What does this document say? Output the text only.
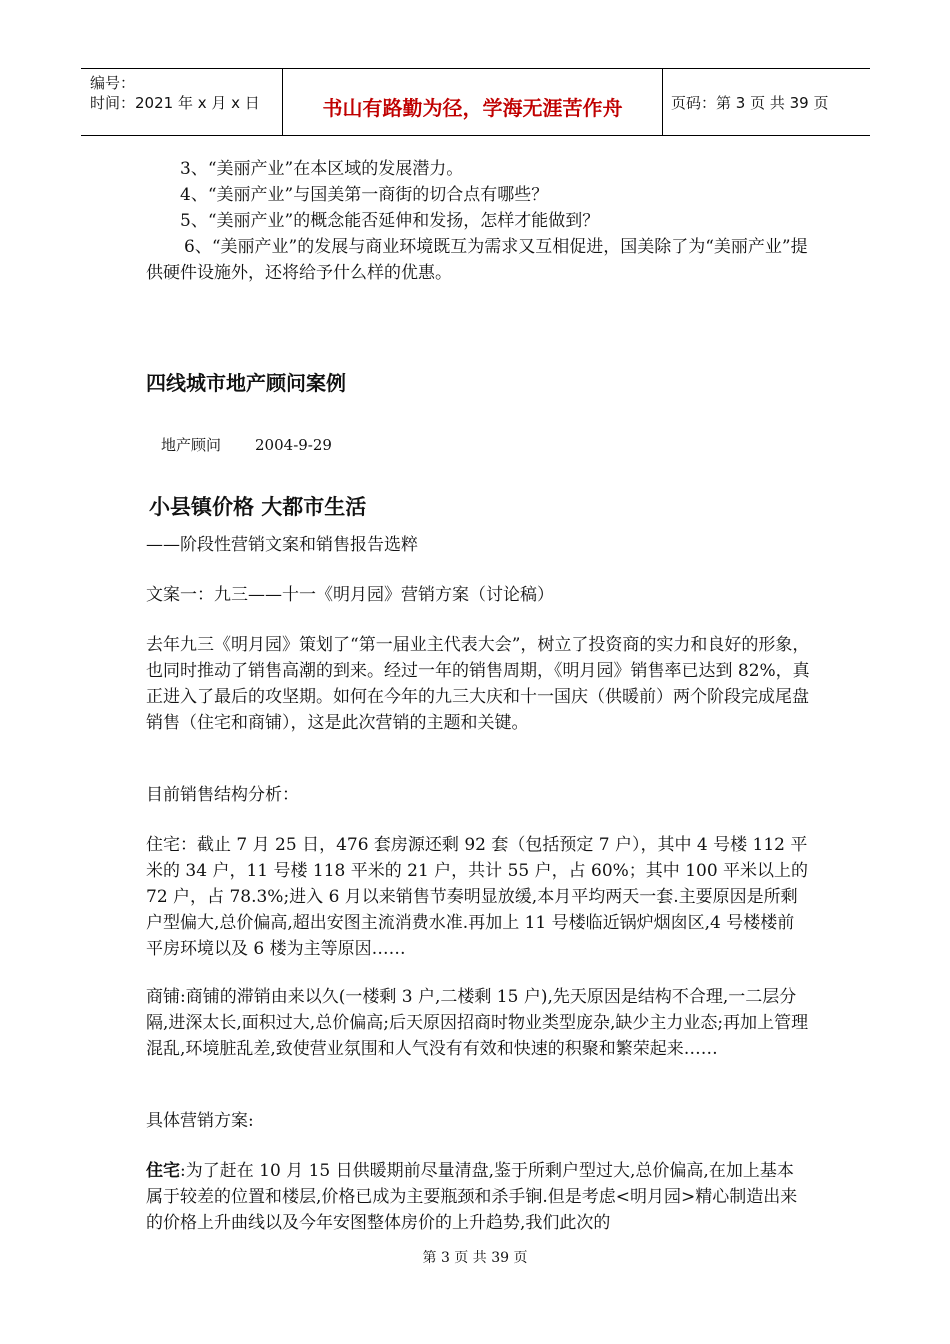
编号：
时间：2021 年 x 月 x 日	书山有路勤为径，学海无涯苦作舟	页码：第 3 页 共 39 页

3、“美丽产业”在本区域的发展潜力。

4、“美丽产业”与国美第一商街的切合点有哪些？

5、“美丽产业”的概念能否延伸和发扬，怎样才能做到？

6、“美丽产业”的发展与商业环境既互为需求又互相促进，国美除了为“美丽产业”提供硬件设施外，还将给予什么样的优惠。

四线城市地产顾问案例

地产顾问 2004-9-29

小县镇价格 大都市生活

——阶段性营销文案和销售报告选粹

文案一：九三——十一《明月园》营销方案（讨论稿）

去年九三《明月园》策划了“第一届业主代表大会”，树立了投资商的实力和良好的形象，也同时推动了销售高潮的到来。经过一年的销售周期，《明月园》销售率已达到 82%，真正进入了最后的攻坚期。如何在今年的九三大庆和十一国庆（供暖前）两个阶段完成尾盘销售（住宅和商铺），这是此次营销的主题和关键。

目前销售结构分析：

住宅：截止 7 月 25 日，476 套房源还剩 92 套（包括预定 7 户），其中 4 号楼 112 平米的 34 户，11 号楼 118 平米的 21 户，共计 55 户，占 60%；其中 100 平米以上的 72 户，占 78.3%;进入 6 月以来销售节奏明显放缓,本月平均两天一套.主要原因是所剩户型偏大,总价偏高,超出安图主流消费水准.再加上 11 号楼临近锅炉烟囱区,4 号楼楼前平房环境以及 6 楼为主等原因……

商铺:商铺的滞销由来以久(一楼剩 3 户,二楼剩 15 户),先天原因是结构不合理,一二层分隔,进深太长,面积过大,总价偏高;后天原因招商时物业类型庞杂,缺少主力业态;再加上管理混乱,环境脏乱差,致使营业氛围和人气没有有效和快速的积聚和繁荣起来……

具体营销方案:

住宅:为了赶在 10 月 15 日供暖期前尽量清盘,鉴于所剩户型过大,总价偏高,在加上基本属于较差的位置和楼层,价格已成为主要瓶颈和杀手锏.但是考虑<明月园>精心制造出来的价格上升曲线以及今年安图整体房价的上升趋势,我们此次的

第 3 页 共 39 页
